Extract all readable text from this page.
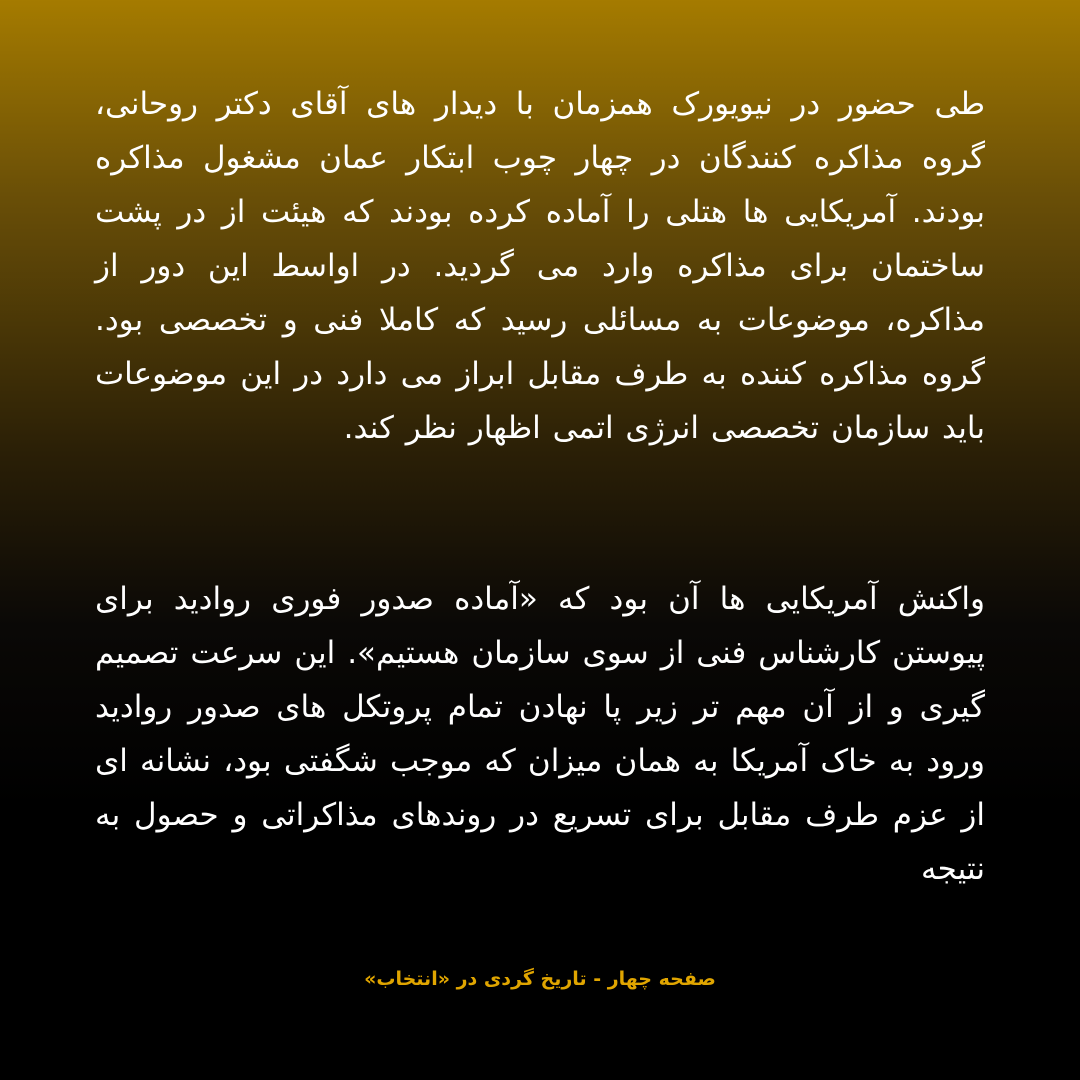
طی حضور در نیویورک همزمان با دیدار های آقای دکتر روحانی، گروه مذاکره کنندگان در چهار چوب ابتکار عمان مشغول مذاکره بودند. آمریکایی ها هتلی را آماده کرده بودند که هیئت از در پشت ساختمان برای مذاکره وارد می گردید. در اواسط این دور از مذاکره، موضوعات به مسائلی رسید که کاملا فنی و تخصصی بود. گروه مذاکره کننده به طرف مقابل ابراز می دارد در این موضوعات باید سازمان تخصصی انرژی اتمی اظهار نظر کند.

واکنش آمریکایی ها آن بود که «آماده صدور فوری روادید برای پیوستن کارشناس فنی از سوی سازمان هستیم». این سرعت تصمیم گیری و از آن مهم تر زیر پا نهادن تمام پروتکل های صدور روادید ورود به خاک آمریکا به همان میزان که موجب شگفتی بود، نشانه ای از عزم طرف مقابل برای تسریع در روندهای مذاکراتی و حصول به نتیجه

صفحه چهار - تاریخ گردی در «انتخاب»
